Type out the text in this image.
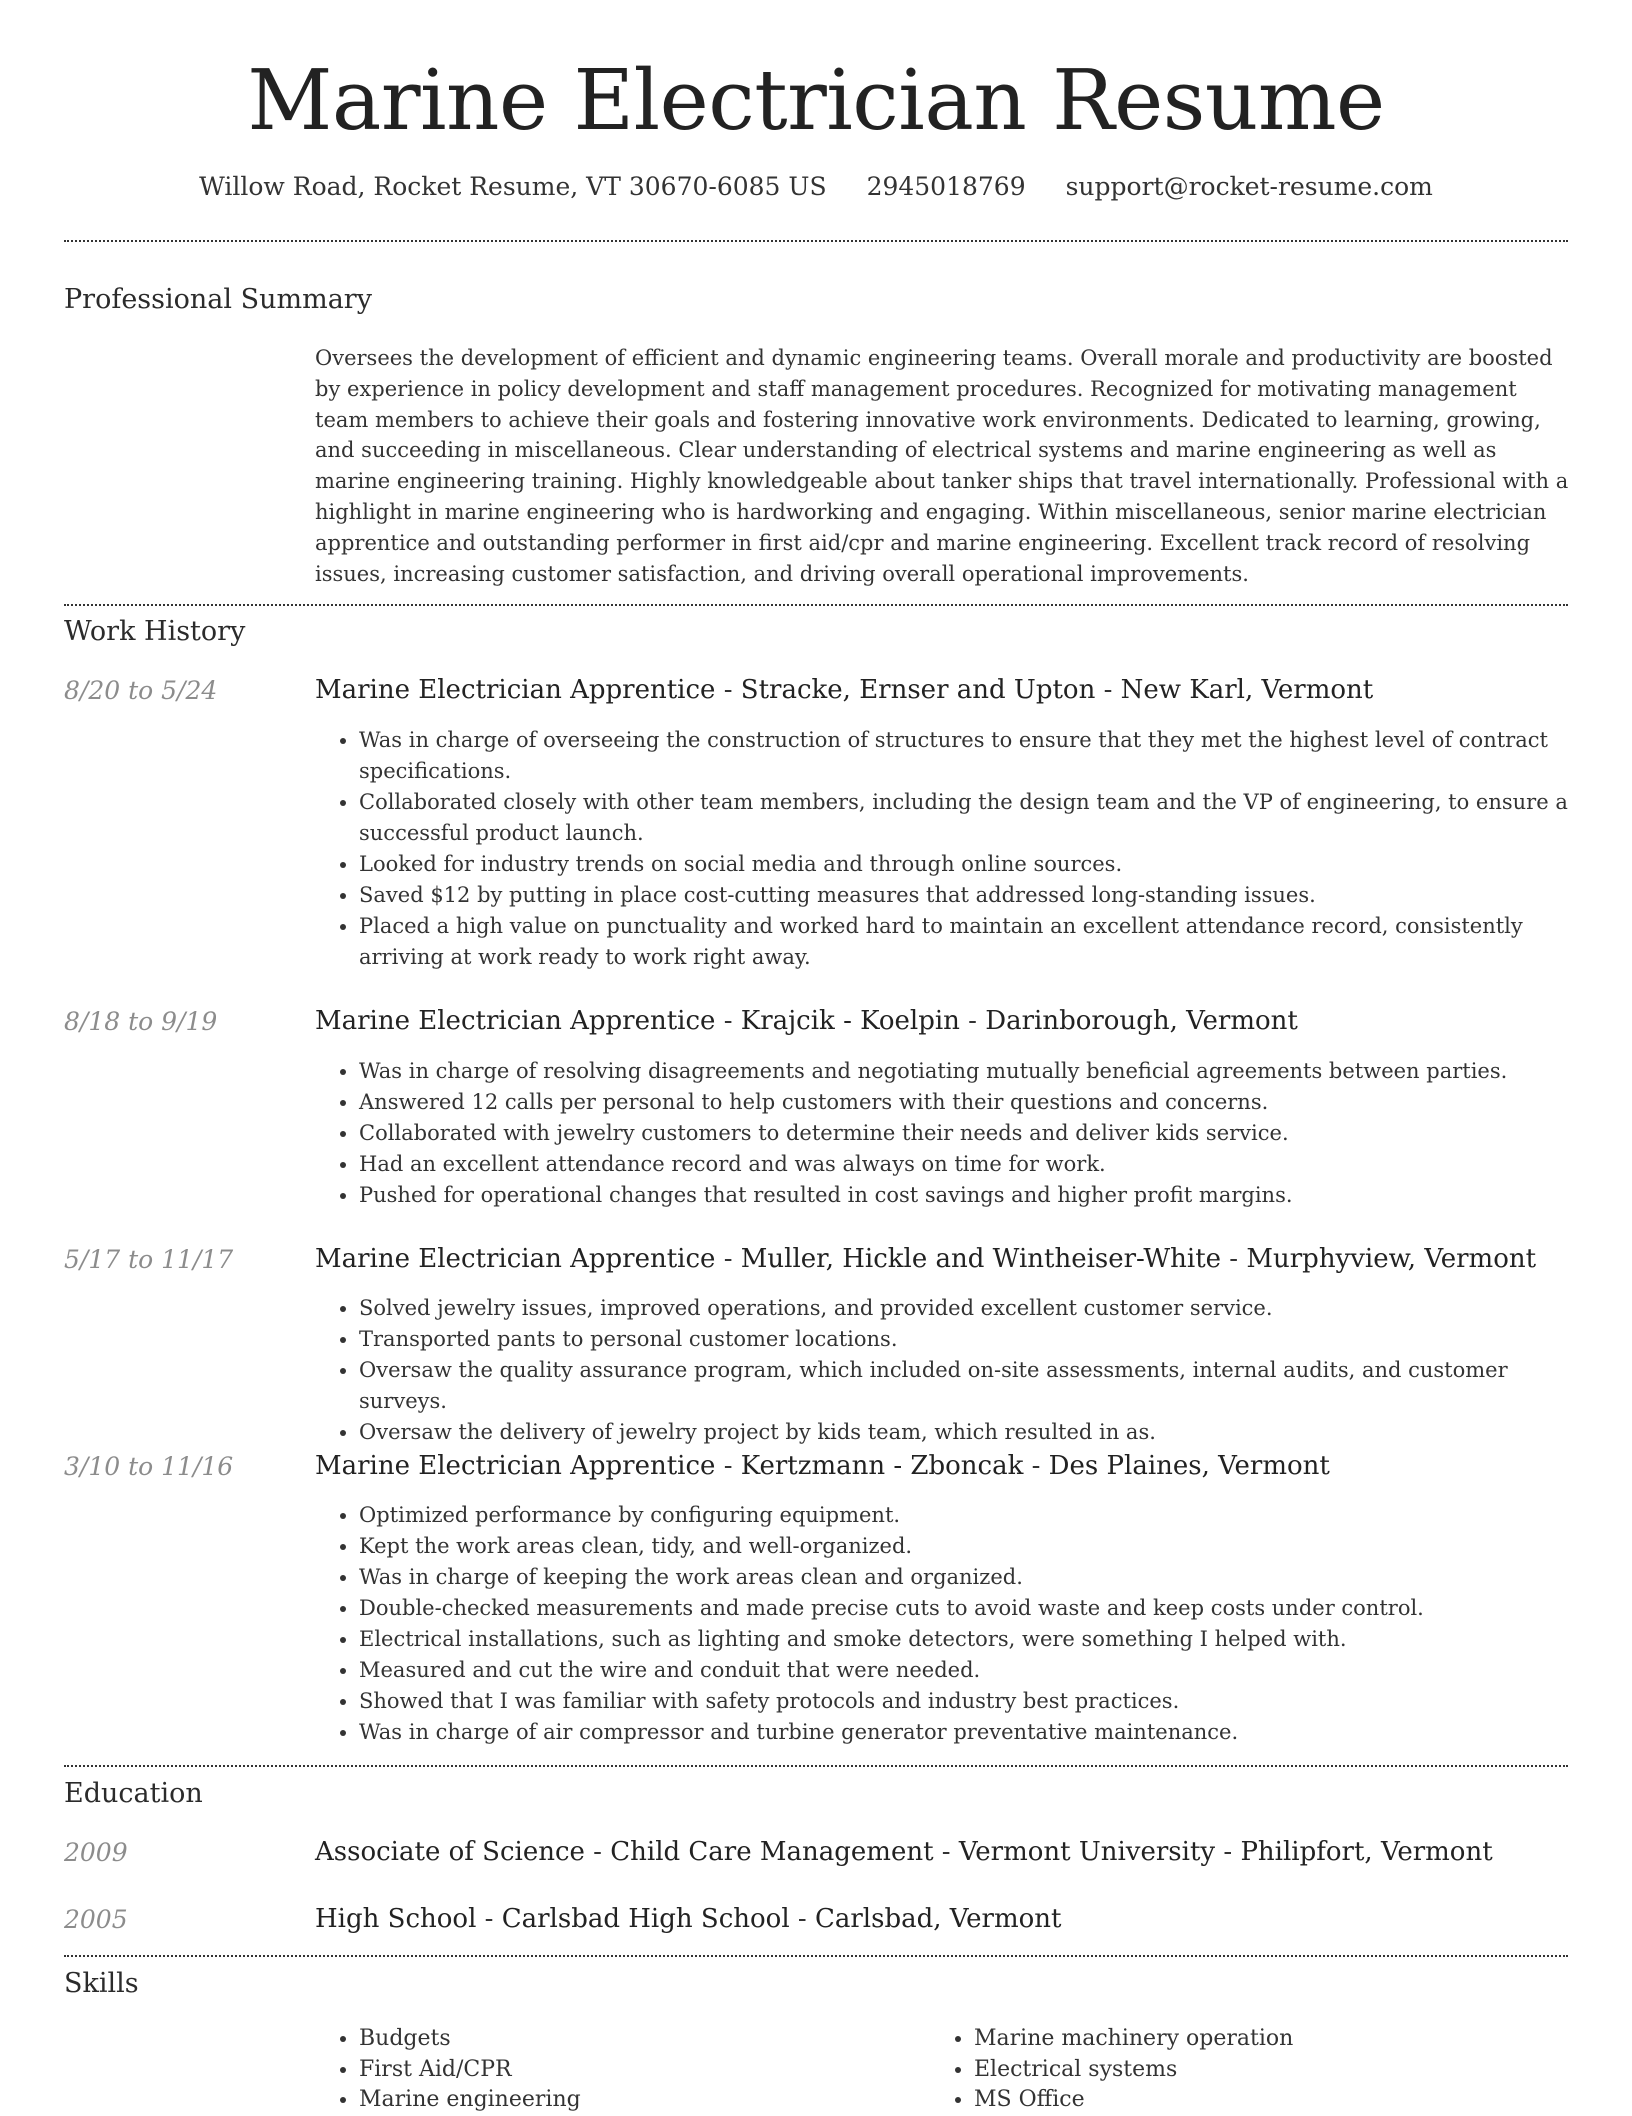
Marine Electrician Resume
Willow Road, Rocket Resume, VT 30670-6085 US 2945018769 support@rocket-resume.com
Professional Summary

Oversees the development of efficient and dynamic engineering teams. Overall morale and productivity are boosted by experience in policy development and staff management procedures. Recognized for motivating management team members to achieve their goals and fostering innovative work environments. Dedicated to learning, growing, and succeeding in miscellaneous. Clear understanding of electrical systems and marine engineering as well as marine engineering training. Highly knowledgeable about tanker ships that travel internationally. Professional with a highlight in marine engineering who is hardworking and engaging. Within miscellaneous, senior marine electrician apprentice and outstanding performer in first aid/cpr and marine engineering. Excellent track record of resolving issues, increasing customer satisfaction, and driving overall operational improvements.

Work History
8/20 to 5/24	Marine Electrician Apprentice - Stracke, Ernser and Upton - New Karl, Vermont
• Was in charge of overseeing the construction of structures to ensure that they met the highest level of contract specifications.
• Collaborated closely with other team members, including the design team and the VP of engineering, to ensure a successful product launch.
• Looked for industry trends on social media and through online sources.
• Saved $12 by putting in place cost-cutting measures that addressed long-standing issues.
• Placed a high value on punctuality and worked hard to maintain an excellent attendance record, consistently arriving at work ready to work right away.
8/18 to 9/19	Marine Electrician Apprentice - Krajcik - Koelpin - Darinborough, Vermont
• Was in charge of resolving disagreements and negotiating mutually beneficial agreements between parties.
• Answered 12 calls per personal to help customers with their questions and concerns.
• Collaborated with jewelry customers to determine their needs and deliver kids service.
• Had an excellent attendance record and was always on time for work.
• Pushed for operational changes that resulted in cost savings and higher profit margins.
5/17 to 11/17	Marine Electrician Apprentice - Muller, Hickle and Wintheiser-White - Murphyview, Vermont
• Solved jewelry issues, improved operations, and provided excellent customer service.
• Transported pants to personal customer locations.
• Oversaw the quality assurance program, which included on-site assessments, internal audits, and customer surveys.
• Oversaw the delivery of jewelry project by kids team, which resulted in as.
3/10 to 11/16	Marine Electrician Apprentice - Kertzmann - Zboncak - Des Plaines, Vermont
• Optimized performance by configuring equipment.
• Kept the work areas clean, tidy, and well-organized.
• Was in charge of keeping the work areas clean and organized.
• Double-checked measurements and made precise cuts to avoid waste and keep costs under control.
• Electrical installations, such as lighting and smoke detectors, were something I helped with.
• Measured and cut the wire and conduit that were needed.
• Showed that I was familiar with safety protocols and industry best practices.
• Was in charge of air compressor and turbine generator preventative maintenance.
Education
2009	Associate of Science - Child Care Management - Vermont University - Philipfort, Vermont
2005	High School - Carlsbad High School - Carlsbad, Vermont
Skills
• Budgets
• First Aid/CPR
• Marine engineering
• Marine machinery operation
• Electrical systems
• MS Office
